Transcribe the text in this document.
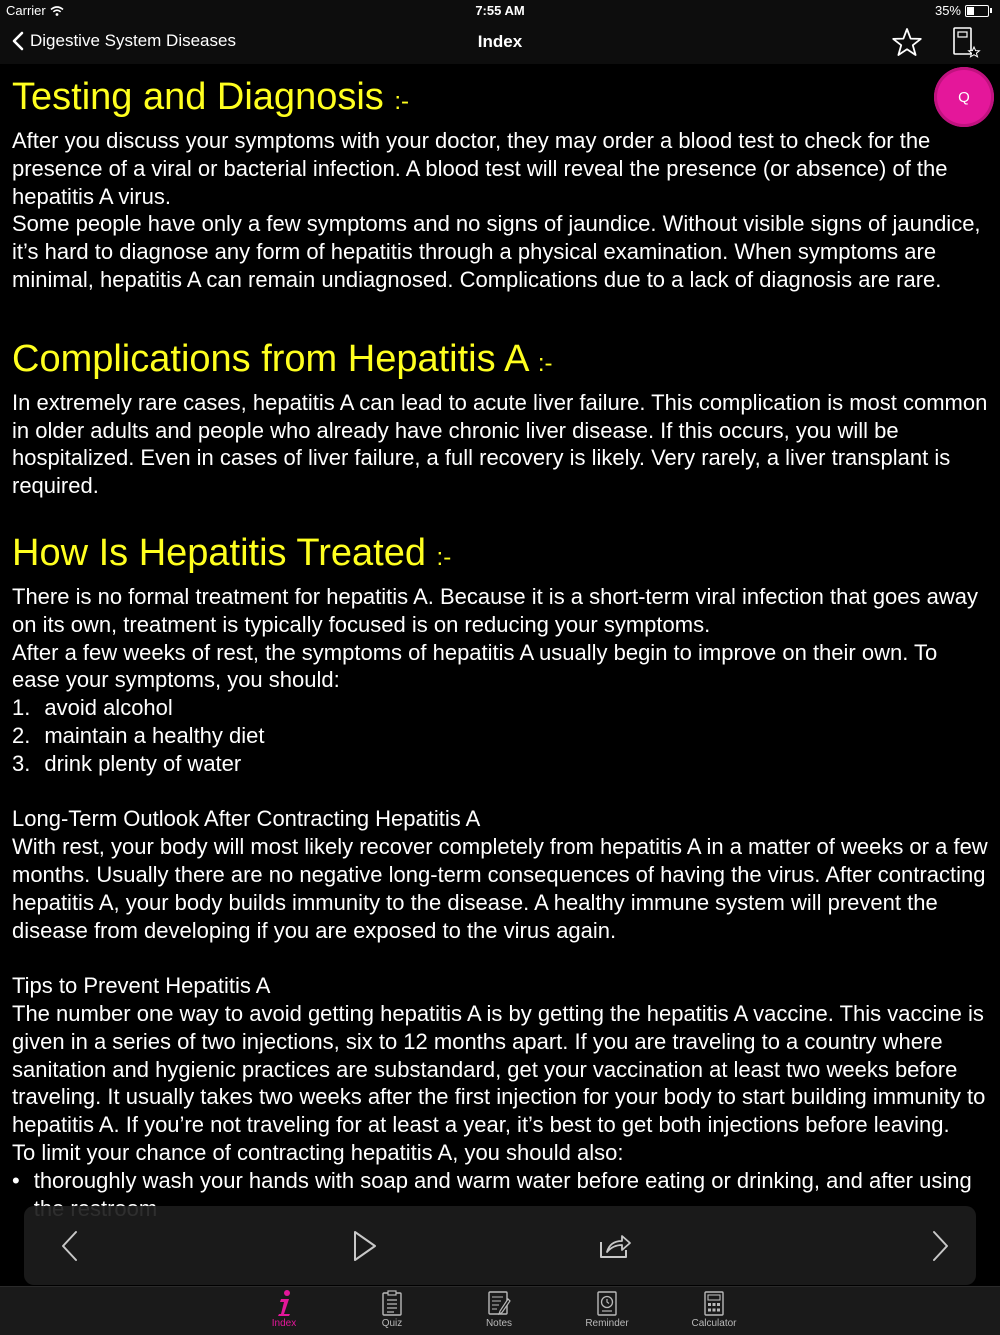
Carrier	7:55 AM	35%
Digestive System Diseases	Index
Testing and Diagnosis :-

After you discuss your symptoms with your doctor, they may order a blood test to check for the presence of a viral or bacterial infection. A blood test will reveal the presence (or absence) of the hepatitis A virus.

Some people have only a few symptoms and no signs of jaundice. Without visible signs of jaundice, it’s hard to diagnose any form of hepatitis through a physical examination. When symptoms are minimal, hepatitis A can remain undiagnosed. Complications due to a lack of diagnosis are rare.

Complications from Hepatitis A :-

In extremely rare cases, hepatitis A can lead to acute liver failure. This complication is most common in older adults and people who already have chronic liver disease. If this occurs, you will be hospitalized. Even in cases of liver failure, a full recovery is likely. Very rarely, a liver transplant is required.

How Is Hepatitis Treated :-

There is no formal treatment for hepatitis A. Because it is a short-term viral infection that goes away on its own, treatment is typically focused is on reducing your symptoms.

After a few weeks of rest, the symptoms of hepatitis A usually begin to improve on their own. To ease your symptoms, you should:

1. avoid alcohol
2. maintain a healthy diet
3. drink plenty of water

Long-Term Outlook After Contracting Hepatitis A

With rest, your body will most likely recover completely from hepatitis A in a matter of weeks or a few months. Usually there are no negative long-term consequences of having the virus. After contracting hepatitis A, your body builds immunity to the disease. A healthy immune system will prevent the disease from developing if you are exposed to the virus again.

Tips to Prevent Hepatitis A

The number one way to avoid getting hepatitis A is by getting the hepatitis A vaccine. This vaccine is given in a series of two injections, six to 12 months apart. If you are traveling to a country where sanitation and hygienic practices are substandard, get your vaccination at least two weeks before traveling. It usually takes two weeks after the first injection for your body to start building immunity to hepatitis A. If you’re not traveling for at least a year, it’s best to get both injections before leaving.

To limit your chance of contracting hepatitis A, you should also:

• thoroughly wash your hands with soap and warm water before eating or drinking, and after using
Q
Index	Quiz	Notes	Reminder	Calculator
